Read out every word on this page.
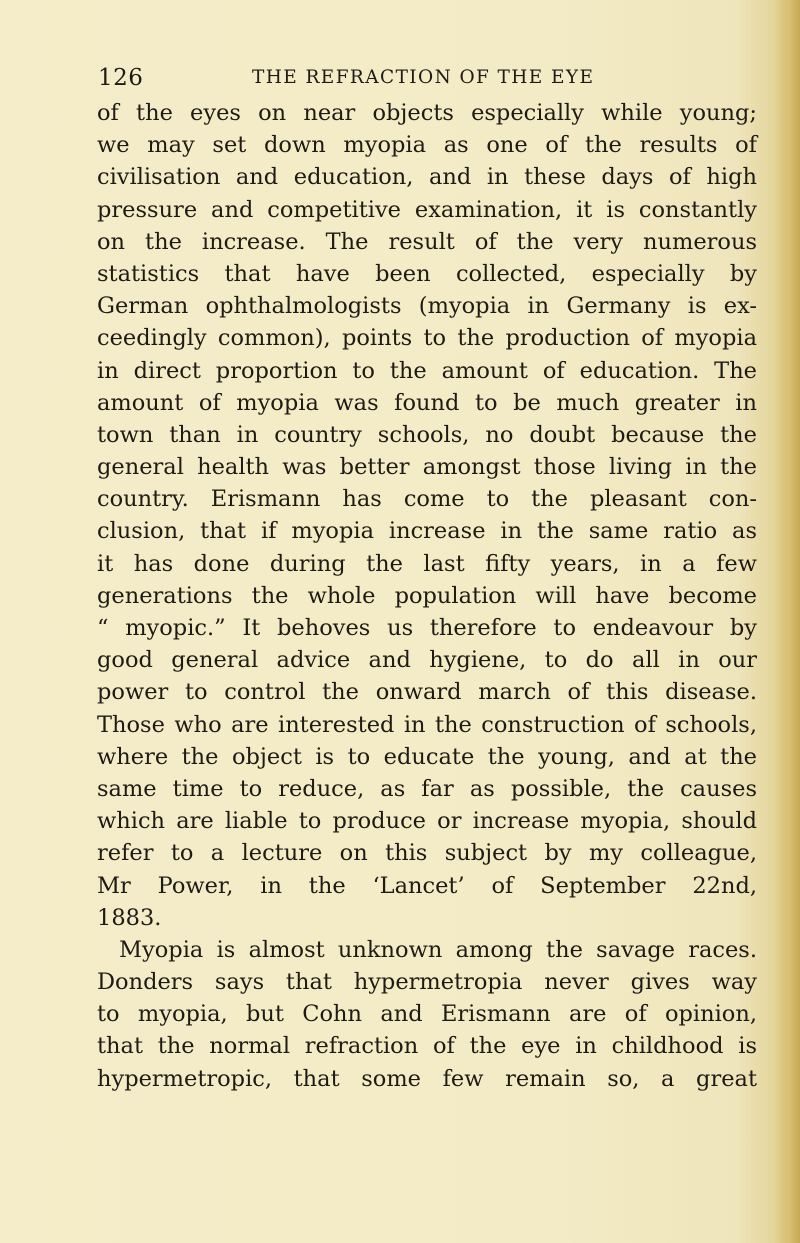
126	THE REFRACTION OF THE EYE
of the eyes on near objects especially while young;
we may set down myopia as one of the results of
civilisation and education, and in these days of high
pressure and competitive examination, it is constantly
on the increase. The result of the very numerous
statistics that have been collected, especially by
German ophthalmologists (myopia in Germany is ex-
ceedingly common), points to the production of myopia
in direct proportion to the amount of education. The
amount of myopia was found to be much greater in
town than in country schools, no doubt because the
general health was better amongst those living in the
country. Erismann has come to the pleasant con-
clusion, that if myopia increase in the same ratio as
it has done during the last fifty years, in a few
generations the whole population will have become
“ myopic.” It behoves us therefore to endeavour by
good general advice and hygiene, to do all in our
power to control the onward march of this disease.
Those who are interested in the construction of schools,
where the object is to educate the young, and at the
same time to reduce, as far as possible, the causes
which are liable to produce or increase myopia, should
refer to a lecture on this subject by my colleague,
Mr Power, in the ‘Lancet’ of September 22nd,
1883.
Myopia is almost unknown among the savage races.
Donders says that hypermetropia never gives way
to myopia, but Cohn and Erismann are of opinion,
that the normal refraction of the eye in childhood is
hypermetropic, that some few remain so, a great
